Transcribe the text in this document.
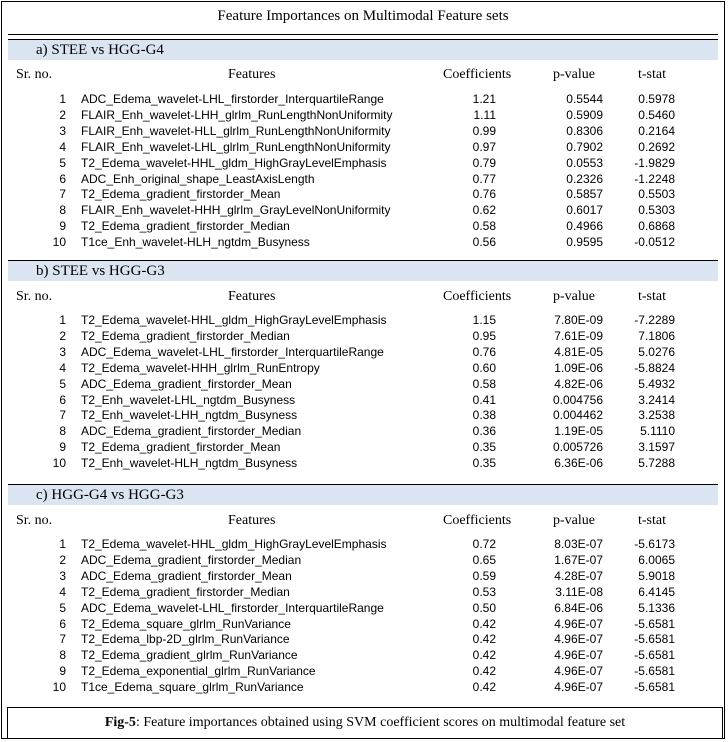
Feature Importances on Multimodal Feature sets
a) STEE vs HGG-G4
Sr. no.	Features	Coefficients	p-value	t-stat
1 ADC_Edema_wavelet-LHL_firstorder_InterquartileRange	1.21	0.5544	0.5978
2 FLAIR_Enh_wavelet-LHH_glrlm_RunLengthNonUniformity	1.11	0.5909	0.5460
3 FLAIR_Enh_wavelet-HLL_glrlm_RunLengthNonUniformity	0.99	0.8306	0.2164
4 FLAIR_Enh_wavelet-LHL_glrlm_RunLengthNonUniformity	0.97	0.7902	0.2692
5 T2_Edema_wavelet-HHL_gldm_HighGrayLevelEmphasis	0.79	0.0553	-1.9829
6 ADC_Enh_original_shape_LeastAxisLength	0.77	0.2326	-1.2248
7 T2_Edema_gradient_firstorder_Mean	0.76	0.5857	0.5503
8 FLAIR_Enh_wavelet-HHH_glrlm_GrayLevelNonUniformity	0.62	0.6017	0.5303
9 T2_Edema_gradient_firstorder_Median	0.58	0.4966	0.6868
10 T1ce_Enh_wavelet-HLH_ngtdm_Busyness	0.56	0.9595	-0.0512
b) STEE vs HGG-G3
Sr. no.	Features	Coefficients	p-value	t-stat
1 T2_Edema_wavelet-HHL_gldm_HighGrayLevelEmphasis	1.15	7.80E-09	-7.2289
2 T2_Edema_gradient_firstorder_Median	0.95	7.61E-09	7.1806
3 ADC_Edema_wavelet-LHL_firstorder_InterquartileRange	0.76	4.81E-05	5.0276
4 T2_Edema_wavelet-HHH_glrlm_RunEntropy	0.60	1.09E-06	-5.8824
5 ADC_Edema_gradient_firstorder_Mean	0.58	4.82E-06	5.4932
6 T2_Enh_wavelet-LHL_ngtdm_Busyness	0.41	0.004756	3.2414
7 T2_Enh_wavelet-LHH_ngtdm_Busyness	0.38	0.004462	3.2538
8 ADC_Edema_gradient_firstorder_Median	0.36	1.19E-05	5.1110
9 T2_Edema_gradient_firstorder_Mean	0.35	0.005726	3.1597
10 T2_Enh_wavelet-HLH_ngtdm_Busyness	0.35	6.36E-06	5.7288
c) HGG-G4 vs HGG-G3
Sr. no.	Features	Coefficients	p-value	t-stat
1 T2_Edema_wavelet-HHL_gldm_HighGrayLevelEmphasis	0.72	8.03E-07	-5.6173
2 ADC_Edema_gradient_firstorder_Median	0.65	1.67E-07	6.0065
3 ADC_Edema_gradient_firstorder_Mean	0.59	4.28E-07	5.9018
4 T2_Edema_gradient_firstorder_Median	0.53	3.11E-08	6.4145
5 ADC_Edema_wavelet-LHL_firstorder_InterquartileRange	0.50	6.84E-06	5.1336
6 T2_Edema_square_glrlm_RunVariance	0.42	4.96E-07	-5.6581
7 T2_Edema_lbp-2D_glrlm_RunVariance	0.42	4.96E-07	-5.6581
8 T2_Edema_gradient_glrlm_RunVariance	0.42	4.96E-07	-5.6581
9 T2_Edema_exponential_glrlm_RunVariance	0.42	4.96E-07	-5.6581
10 T1ce_Edema_square_glrlm_RunVariance	0.42	4.96E-07	-5.6581
Fig-5: Feature importances obtained using SVM coefficient scores on multimodal feature set
